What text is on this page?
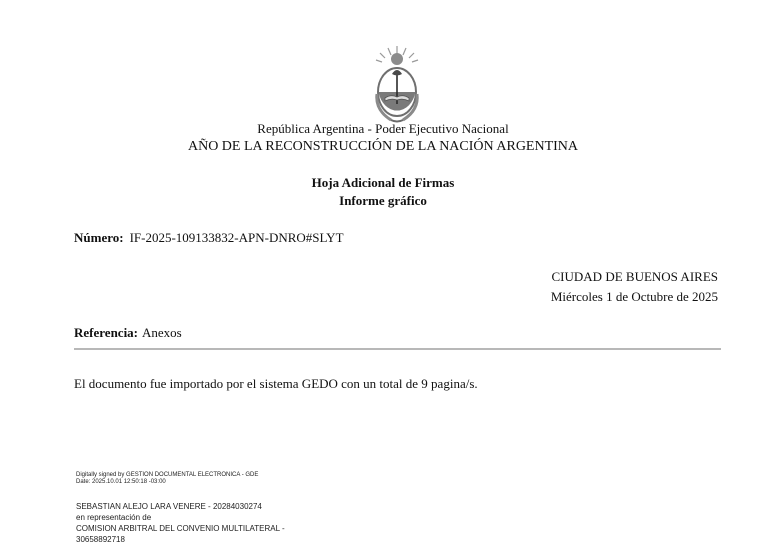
República Argentina - Poder Ejecutivo Nacional
AÑO DE LA RECONSTRUCCIÓN DE LA NACIÓN ARGENTINA
Hoja Adicional de Firmas
Informe gráfico
Número: IF-2025-109133832-APN-DNRO#SLYT
CIUDAD DE BUENOS AIRES
Miércoles 1 de Octubre de 2025
Referencia: Anexos
El documento fue importado por el sistema GEDO con un total de 9 pagina/s.
Digitally signed by GESTION DOCUMENTAL ELECTRONICA - GDE
Date: 2025.10.01 12:50:18 -03:00
SEBASTIAN ALEJO LARA VENERE - 20284030274
en representación de
COMISION ARBITRAL DEL CONVENIO MULTILATERAL -
30658892718
